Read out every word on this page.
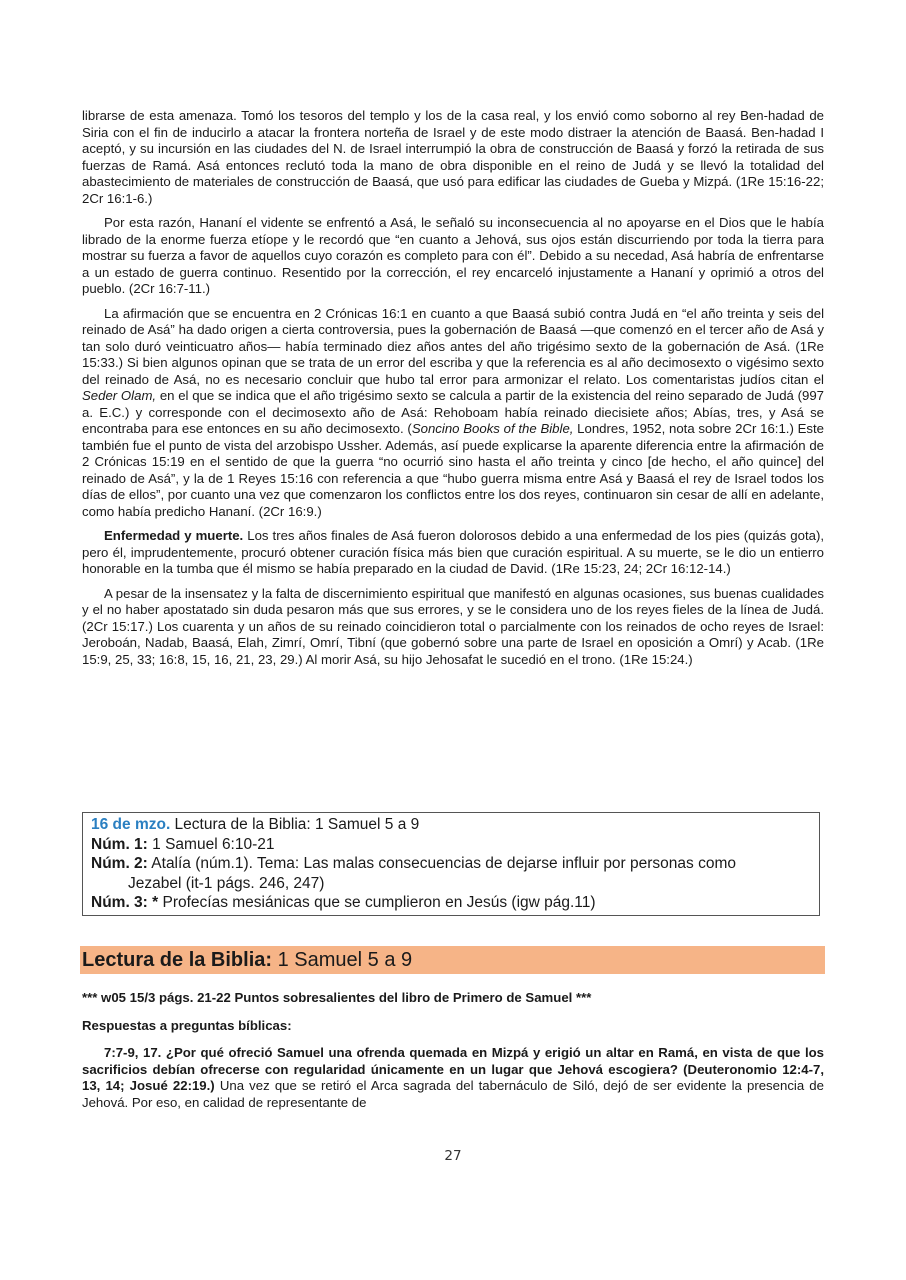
librarse de esta amenaza. Tomó los tesoros del templo y los de la casa real, y los envió como soborno al rey Ben-hadad de Siria con el fin de inducirlo a atacar la frontera norteña de Israel y de este modo distraer la atención de Baasá. Ben-hadad I aceptó, y su incursión en las ciudades del N. de Israel interrumpió la obra de construcción de Baasá y forzó la retirada de sus fuerzas de Ramá. Asá entonces reclutó toda la mano de obra disponible en el reino de Judá y se llevó la totalidad del abastecimiento de materiales de construcción de Baasá, que usó para edificar las ciudades de Gueba y Mizpá. (1Re 15:16-22; 2Cr 16:1-6.)

Por esta razón, Hananí el vidente se enfrentó a Asá, le señaló su inconsecuencia al no apoyarse en el Dios que le había librado de la enorme fuerza etíope y le recordó que “en cuanto a Jehová, sus ojos están discurriendo por toda la tierra para mostrar su fuerza a favor de aquellos cuyo corazón es completo para con él”. Debido a su necedad, Asá habría de enfrentarse a un estado de guerra continuo. Resentido por la corrección, el rey encarceló injustamente a Hananí y oprimió a otros del pueblo. (2Cr 16:7-11.)

La afirmación que se encuentra en 2 Crónicas 16:1 en cuanto a que Baasá subió contra Judá en “el año treinta y seis del reinado de Asá” ha dado origen a cierta controversia, pues la gobernación de Baasá —que comenzó en el tercer año de Asá y tan solo duró veinticuatro años— había terminado diez años antes del año trigésimo sexto de la gobernación de Asá. (1Re 15:33.) Si bien algunos opinan que se trata de un error del escriba y que la referencia es al año decimosexto o vigésimo sexto del reinado de Asá, no es necesario concluir que hubo tal error para armonizar el relato. Los comentaristas judíos citan el Seder Olam, en el que se indica que el año trigésimo sexto se calcula a partir de la existencia del reino separado de Judá (997 a. E.C.) y corresponde con el decimosexto año de Asá: Rehoboam había reinado diecisiete años; Abías, tres, y Asá se encontraba para ese entonces en su año decimosexto. (Soncino Books of the Bible, Londres, 1952, nota sobre 2Cr 16:1.) Este también fue el punto de vista del arzobispo Ussher. Además, así puede explicarse la aparente diferencia entre la afirmación de 2 Crónicas 15:19 en el sentido de que la guerra “no ocurrió sino hasta el año treinta y cinco [de hecho, el año quince] del reinado de Asá”, y la de 1 Reyes 15:16 con referencia a que “hubo guerra misma entre Asá y Baasá el rey de Israel todos los días de ellos”, por cuanto una vez que comenzaron los conflictos entre los dos reyes, continuaron sin cesar de allí en adelante, como había predicho Hananí. (2Cr 16:9.)

Enfermedad y muerte. Los tres años finales de Asá fueron dolorosos debido a una enfermedad de los pies (quizás gota), pero él, imprudentemente, procuró obtener curación física más bien que curación espiritual. A su muerte, se le dio un entierro honorable en la tumba que él mismo se había preparado en la ciudad de David. (1Re 15:23, 24; 2Cr 16:12-14.)

A pesar de la insensatez y la falta de discernimiento espiritual que manifestó en algunas ocasiones, sus buenas cualidades y el no haber apostatado sin duda pesaron más que sus errores, y se le considera uno de los reyes fieles de la línea de Judá. (2Cr 15:17.) Los cuarenta y un años de su reinado coincidieron total o parcialmente con los reinados de ocho reyes de Israel: Jeroboán, Nadab, Baasá, Elah, Zimrí, Omrí, Tibní (que gobernó sobre una parte de Israel en oposición a Omrí) y Acab. (1Re 15:9, 25, 33; 16:8, 15, 16, 21, 23, 29.) Al morir Asá, su hijo Jehosafat le sucedió en el trono. (1Re 15:24.)

16 de mzo. Lectura de la Biblia: 1 Samuel 5 a 9
Núm. 1: 1 Samuel 6:10-21
Núm. 2: Atalía (núm.1). Tema: Las malas consecuencias de dejarse influir por personas como
Jezabel (it-1 págs. 246, 247)
Núm. 3: * Profecías mesiánicas que se cumplieron en Jesús (igw pág.11)
Lectura de la Biblia: 1 Samuel 5 a 9

*** w05 15/3 págs. 21-22 Puntos sobresalientes del libro de Primero de Samuel ***

Respuestas a preguntas bíblicas:

7:7-9, 17. ¿Por qué ofreció Samuel una ofrenda quemada en Mizpá y erigió un altar en Ramá, en vista de que los sacrificios debían ofrecerse con regularidad únicamente en un lugar que Jehová escogiera? (Deuteronomio 12:4-7, 13, 14; Josué 22:19.) Una vez que se retiró el Arca sagrada del tabernáculo de Siló, dejó de ser evidente la presencia de Jehová. Por eso, en calidad de representante de

27
